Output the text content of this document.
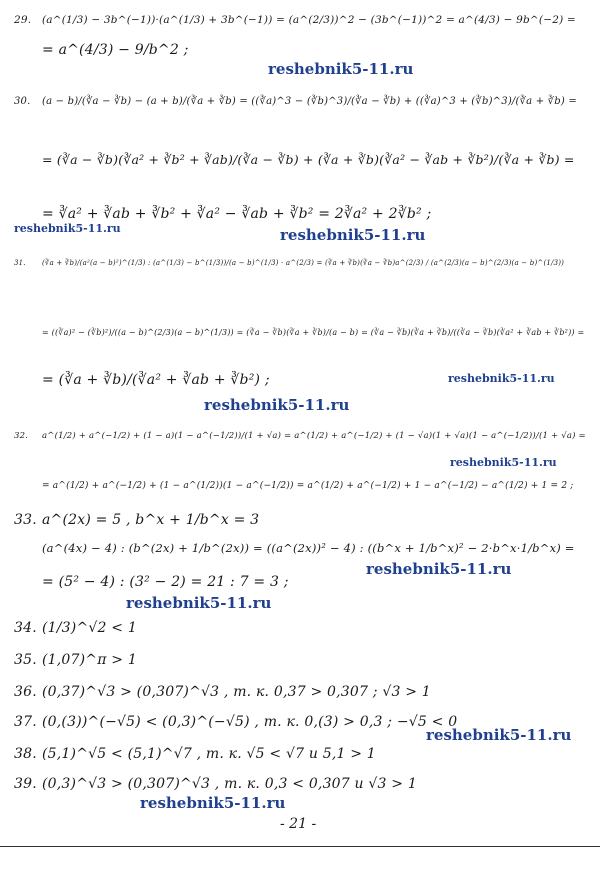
29. (a^(1/3) − 3b^(−1))·(a^(1/3) + 3b^(−1)) = (a^(2/3))^2 − (3b^(−1))^2 = a^(4/3) − 9b^(−2) =
= a^(4/3) − 9/b^2 ;
30. (a − b)/(∛a − ∛b) − (a + b)/(∛a + ∛b) = ((∛a)^3 − (∛b)^3)/(∛a − ∛b) + ((∛a)^3 + (∛b)^3)/(∛a + ∛b) =
= (∛a − ∛b)(∛a² + ∛b² + ∛ab)/(∛a − ∛b) + (∛a + ∛b)(∛a² − ∛ab + ∛b²)/(∛a + ∛b) =
= ∛a² + ∛ab + ∛b² + ∛a² − ∛ab + ∛b² = 2∛a² + 2∛b² ;
31. (∛a + ∛b)/(a²(a − b)²)^(1/3) : (a^(1/3) − b^(1/3))/(a − b)^(1/3) · a^(2/3) = (∛a + ∛b)(∛a − ∛b)a^(2/3) / (a^(2/3)(a − b)^(2/3)(a − b)^(1/3))
= ((∛a)² − (∛b)²)/((a − b)^(2/3)(a − b)^(1/3)) = (∛a − ∛b)(∛a + ∛b)/(a − b) = (∛a − ∛b)(∛a + ∛b)/((∛a − ∛b)(∛a² + ∛ab + ∛b²)) =
= (∛a + ∛b)/(∛a² + ∛ab + ∛b²) ;
32. a^(1/2) + a^(−1/2) + (1 − a)(1 − a^(−1/2))/(1 + √a) = a^(1/2) + a^(−1/2) + (1 − √a)(1 + √a)(1 − a^(−1/2))/(1 + √a) =
= a^(1/2) + a^(−1/2) + (1 − a^(1/2))(1 − a^(−1/2)) = a^(1/2) + a^(−1/2) + 1 − a^(−1/2) − a^(1/2) + 1 = 2 ;
33. a^(2x) = 5 , b^x + 1/b^x = 3
(a^(4x) − 4) : (b^(2x) + 1/b^(2x)) = ((a^(2x))² − 4) : ((b^x + 1/b^x)² − 2·b^x·1/b^x) =
= (5² − 4) : (3² − 2) = 21 : 7 = 3 ;
34. (1/3)^√2 < 1
35. (1,07)^π > 1
36. (0,37)^√3 > (0,307)^√3 , т. к. 0,37 > 0,307 ; √3 > 1
37. (0,(3))^(−√5) < (0,3)^(−√5) , т. к. 0,(3) > 0,3 ; −√5 < 0
38. (5,1)^√5 < (5,1)^√7 , т. к. √5 < √7 и 5,1 > 1
39. (0,3)^√3 > (0,307)^√3 , т. к. 0,3 < 0,307 и √3 > 1
reshebnik5-11.ru
reshebnik5-11.ru	reshebnik5-11.ru
reshebnik5-11.ru
reshebnik5-11.ru
reshebnik5-11.ru
reshebnik5-11.ru
reshebnik5-11.ru
reshebnik5-11.ru
reshebnik5-11.ru
- 21 -
